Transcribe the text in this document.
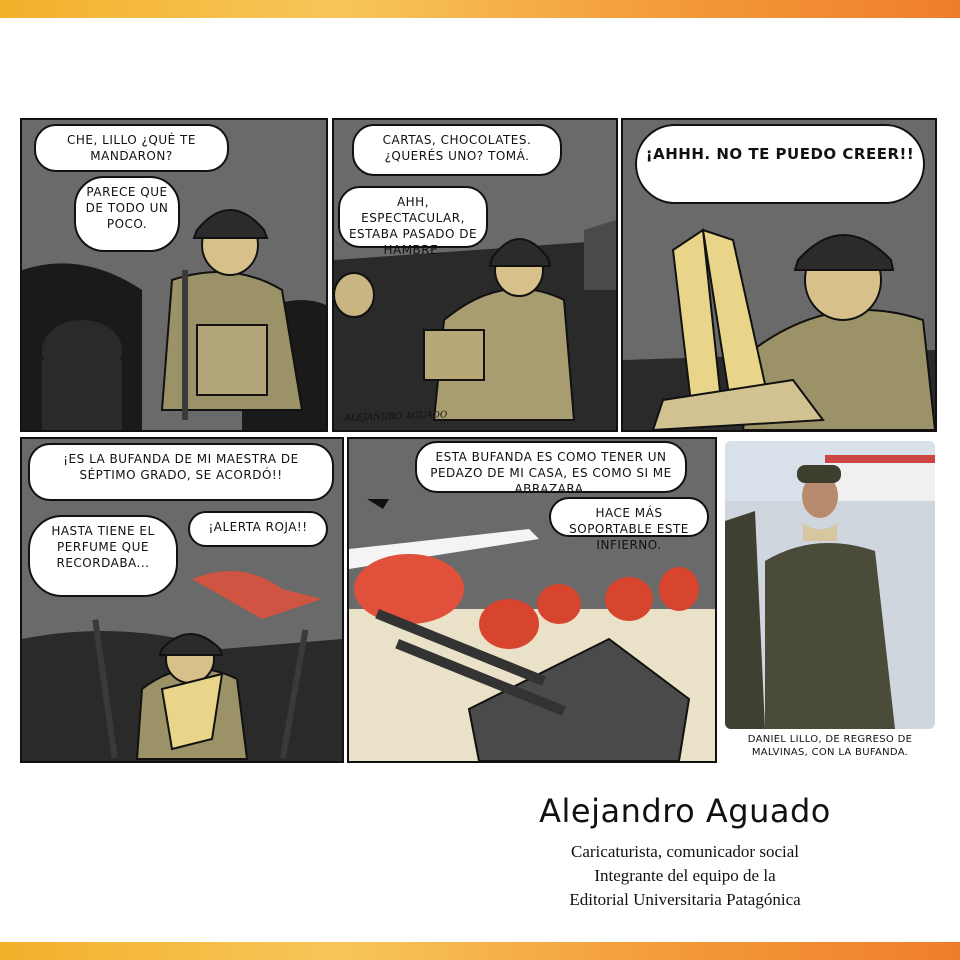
CHE, LILLO ¿QUÉ TE MANDARON?
PARECE QUE DE TODO UN POCO.
CARTAS, CHOCOLATES. ¿QUERÉS UNO? TOMÁ.
AHH, ESPECTACULAR, ESTABA PASADO DE HAMBRE.
ALEJANDRO AGUADO
¡AHHH. NO TE PUEDO CREER!!
¡ES LA BUFANDA DE MI MAESTRA DE SÉPTIMO GRADO, SE ACORDÓ!!
HASTA TIENE EL PERFUME QUE RECORDABA...
¡ALERTA ROJA!!
ESTA BUFANDA ES COMO TENER UN PEDAZO DE MI CASA, ES COMO SI ME ABRAZARA.
HACE MÁS SOPORTABLE ESTE INFIERNO.
DANIEL LILLO, DE REGRESO DE MALVINAS, CON LA BUFANDA.
Alejandro Aguado
Caricaturista, comunicador social
Integrante del equipo de la
Editorial Universitaria Patagónica
